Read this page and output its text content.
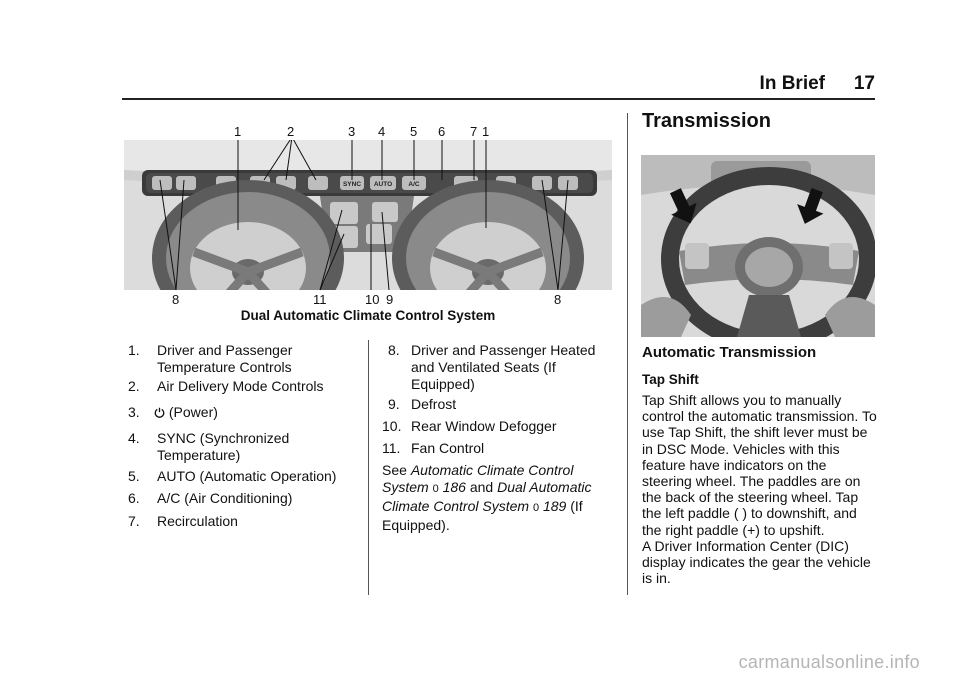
In Brief 17
SYNC AUTO A/C
1	2	3 4 5 6 7 1
8	11	10 9	8
Dual Automatic Climate Control System
1. Driver and Passenger Temperature Controls
2. Air Delivery Mode Controls
3.	(Power)
4. SYNC (Synchronized Temperature)
5. AUTO (Automatic Operation)
6. A/C (Air Conditioning)
7. Recirculation
8. Driver and Passenger Heated and Ventilated Seats (If Equipped)
9. Defrost
10. Rear Window Defogger
11. Fan Control
See Automatic Climate Control System 0 186 and Dual Automatic Climate Control System 0 189 (If Equipped).
Transmission
Automatic Transmission
Tap Shift

Tap Shift allows you to manually control the automatic transmission. To use Tap Shift, the shift lever must be in DSC Mode. Vehicles with this feature have indicators on the steering wheel. The paddles are on the back of the steering wheel. Tap the left paddle ( ) to downshift, and the right paddle (+) to upshift.

A Driver Information Center (DIC) display indicates the gear the vehicle is in.

carmanualsonline.info
